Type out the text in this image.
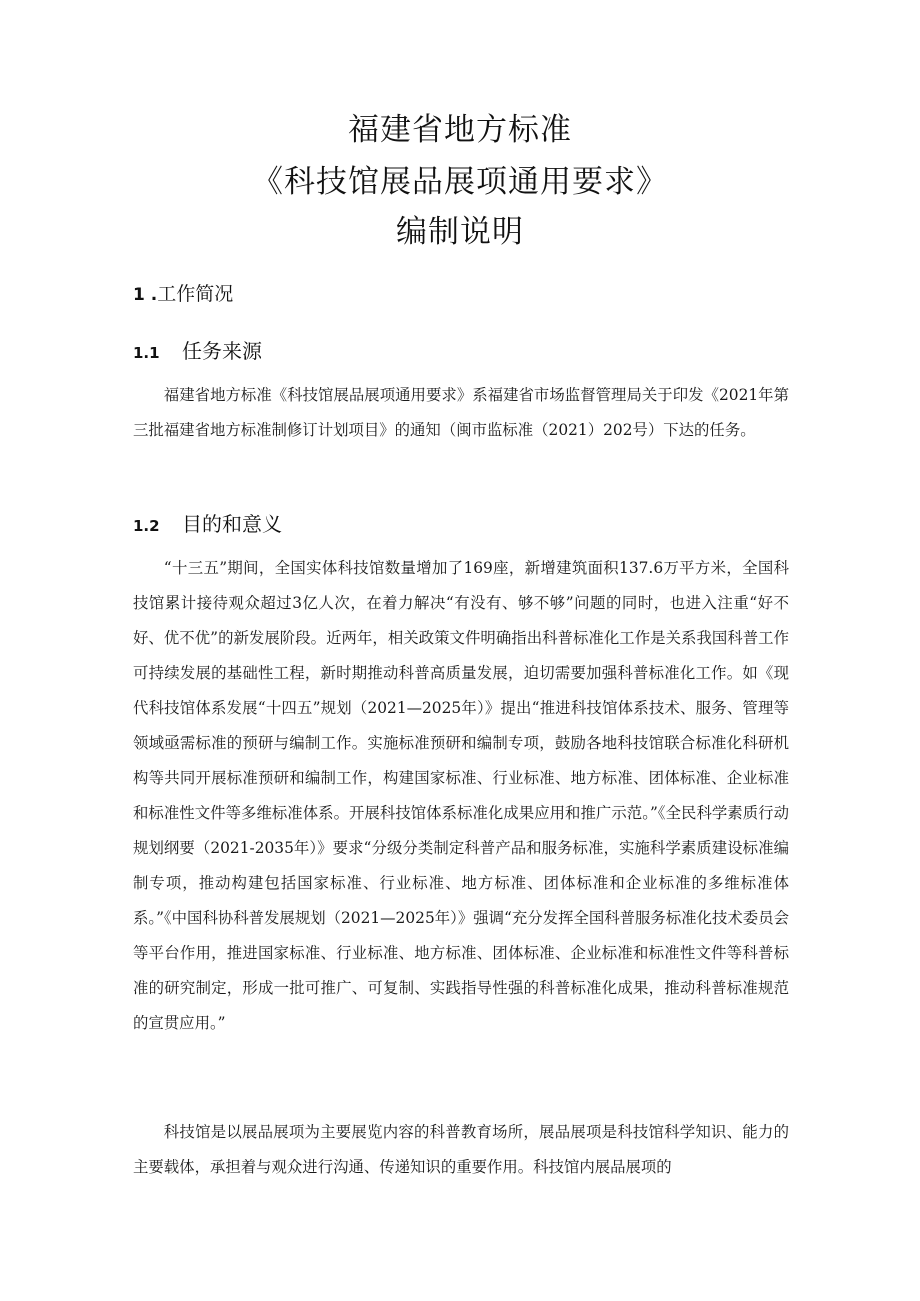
福建省地方标准
《科技馆展品展项通用要求》
编制说明
1 .工作简况
1.1 任务来源

福建省地方标准《科技馆展品展项通用要求》系福建省市场监督管理局关于印发《2021年第三批福建省地方标准制修订计划项目》的通知（闽市监标准（2021）202号）下达的任务。

1.2 目的和意义

“十三五”期间，全国实体科技馆数量增加了169座，新增建筑面积137.6万平方米，全国科技馆累计接待观众超过3亿人次，在着力解决“有没有、够不够”问题的同时，也进入注重“好不好、优不优”的新发展阶段。近两年，相关政策文件明确指出科普标准化工作是关系我国科普工作可持续发展的基础性工程，新时期推动科普高质量发展，迫切需要加强科普标准化工作。如《现代科技馆体系发展“十四五”规划（2021—2025年）》提出“推进科技馆体系技术、服务、管理等领域亟需标准的预研与编制工作。实施标准预研和编制专项，鼓励各地科技馆联合标准化科研机构等共同开展标准预研和编制工作，构建国家标准、行业标准、地方标准、团体标准、企业标准和标准性文件等多维标准体系。开展科技馆体系标准化成果应用和推广示范。”《全民科学素质行动规划纲要（2021-2035年）》要求“分级分类制定科普产品和服务标准，实施科学素质建设标准编制专项，推动构建包括国家标准、行业标准、地方标准、团体标准和企业标准的多维标准体系。”《中国科协科普发展规划（2021—2025年）》强调“充分发挥全国科普服务标准化技术委员会等平台作用，推进国家标准、行业标准、地方标准、团体标准、企业标准和标准性文件等科普标准的研究制定，形成一批可推广、可复制、实践指导性强的科普标准化成果，推动科普标准规范的宣贯应用。”

科技馆是以展品展项为主要展览内容的科普教育场所，展品展项是科技馆科学知识、能力的主要载体，承担着与观众进行沟通、传递知识的重要作用。科技馆内展品展项的
